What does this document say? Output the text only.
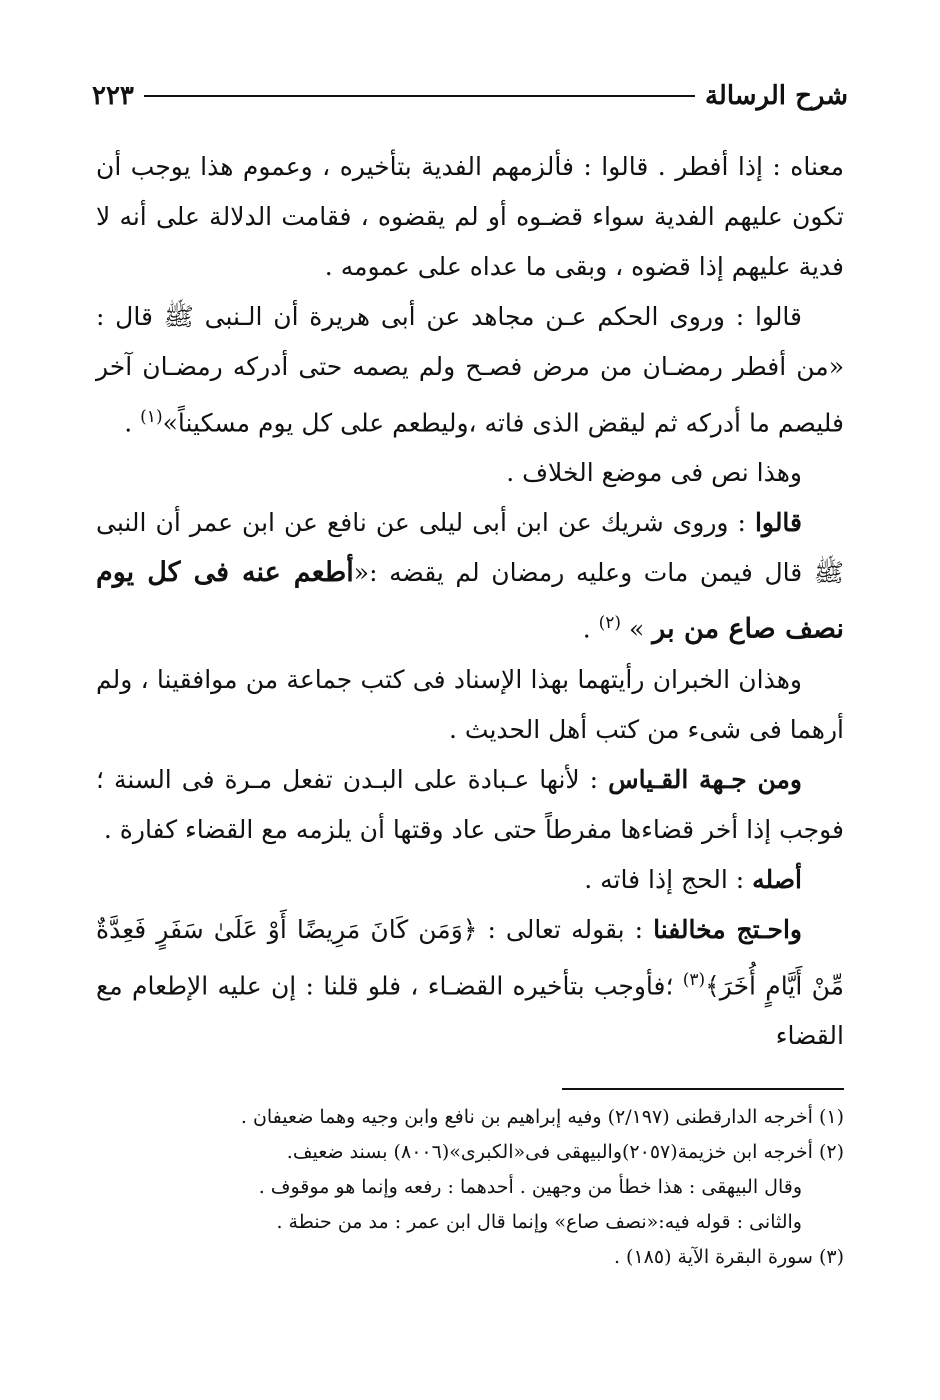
شرح الرسالة
٢٢٣

معناه : إذا أفطر . قالوا : فألزمهم الفدية بتأخيره ، وعموم هذا يوجب أن تكون عليهم الفدية سواء قضـوه أو لم يقضوه ، فقامت الدلالة على أنه لا فدية عليهم إذا قضوه ، وبقى ما عداه على عمومه .

قالوا : وروى الحكم عـن مجاهد عن أبى هريرة أن الـنبى ﷺ قال : «من أفطر رمضـان من مرض فصـح ولم يصمه حتى أدركه رمضـان آخر فليصم ما أدركه ثم ليقض الذى فاته ،وليطعم على كل يوم مسكيناً»$^{(١)}$ .

وهذا نص فى موضع الخلاف .

قالوا : وروى شريك عن ابن أبى ليلى عن نافع عن ابن عمر أن النبى ﷺ قال فيمن مات وعليه رمضان لم يقضه :«أطعم عنه فى كل يوم نصف صاع من بر » $^{(٢)}$ .

وهذان الخبران رأيتهما بهذا الإسناد فى كتب جماعة من موافقينا ، ولم أرهما فى شىء من كتب أهل الحديث .

ومن جـهة القـياس : لأنها عـبادة على البـدن تفعل مـرة فى السنة ؛ فوجب إذا أخر قضاءها مفرطاً حتى عاد وقتها أن يلزمه مع القضاء كفارة .

أصله : الحج إذا فاته .

واحـتج مخالفنا : بقوله تعالى : ﴿وَمَن كَانَ مَرِيضًا أَوْ عَلَىٰ سَفَرٍ فَعِدَّةٌ مِّنْ أَيَّامٍ أُخَرَ﴾$^{(٣)}$ ؛فأوجب بتأخيره القضـاء ، فلو قلنا : إن عليه الإطعام مع القضاء

(١) أخرجه الدارقطنى (٢/١٩٧) وفيه إبراهيم بن نافع وابن وجيه وهما ضعيفان .

(٢) أخرجه ابن خزيمة(٢٠٥٧)والبيهقى فى«الكبرى»(٨٠٠٦) بسند ضعيف.

وقال البيهقى : هذا خطأ من وجهين . أحدهما : رفعه وإنما هو موقوف .

والثانى : قوله فيه:«نصف صاع» وإنما قال ابن عمر : مد من حنطة .

(٣) سورة البقرة الآية (١٨٥) .
